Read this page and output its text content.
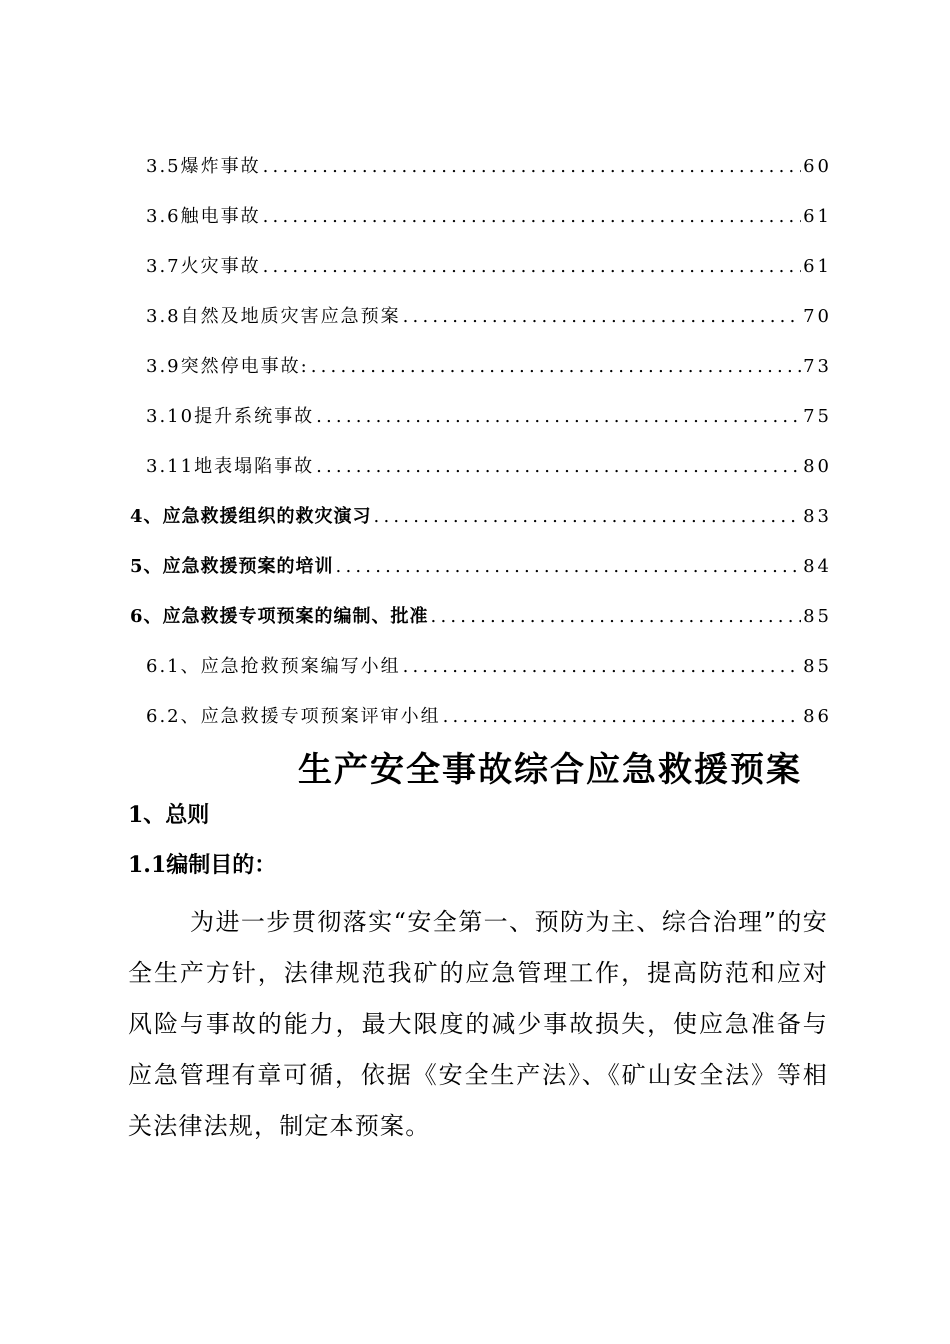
3.5爆炸事故 .....	60
3.6触电事故 .....	61
3.7火灾事故 .....	61
3.8自然及地质灾害应急预案 .....	70
3.9突然停电事故: .....	73
3.10提升系统事故 .....	75
3.11地表塌陷事故 .....	80
4、应急救援组织的救灾演习 .....	83
5、应急救援预案的培训 .....	84
6、应急救援专项预案的编制、批准 .....	85
6.1、应急抢救预案编写小组 .....	85
6.2、应急救援专项预案评审小组 .....	86
生产安全事故综合应急救援预案
1、总则
1.1编制目的：
为进一步贯彻落实“安全第一、预防为主、综合治理”的安全生产方针，法律规范我矿的应急管理工作，提高防范和应对风险与事故的能力，最大限度的减少事故损失，使应急准备与应急管理有章可循，依据《安全生产法》、《矿山安全法》等相关法律法规，制定本预案。
